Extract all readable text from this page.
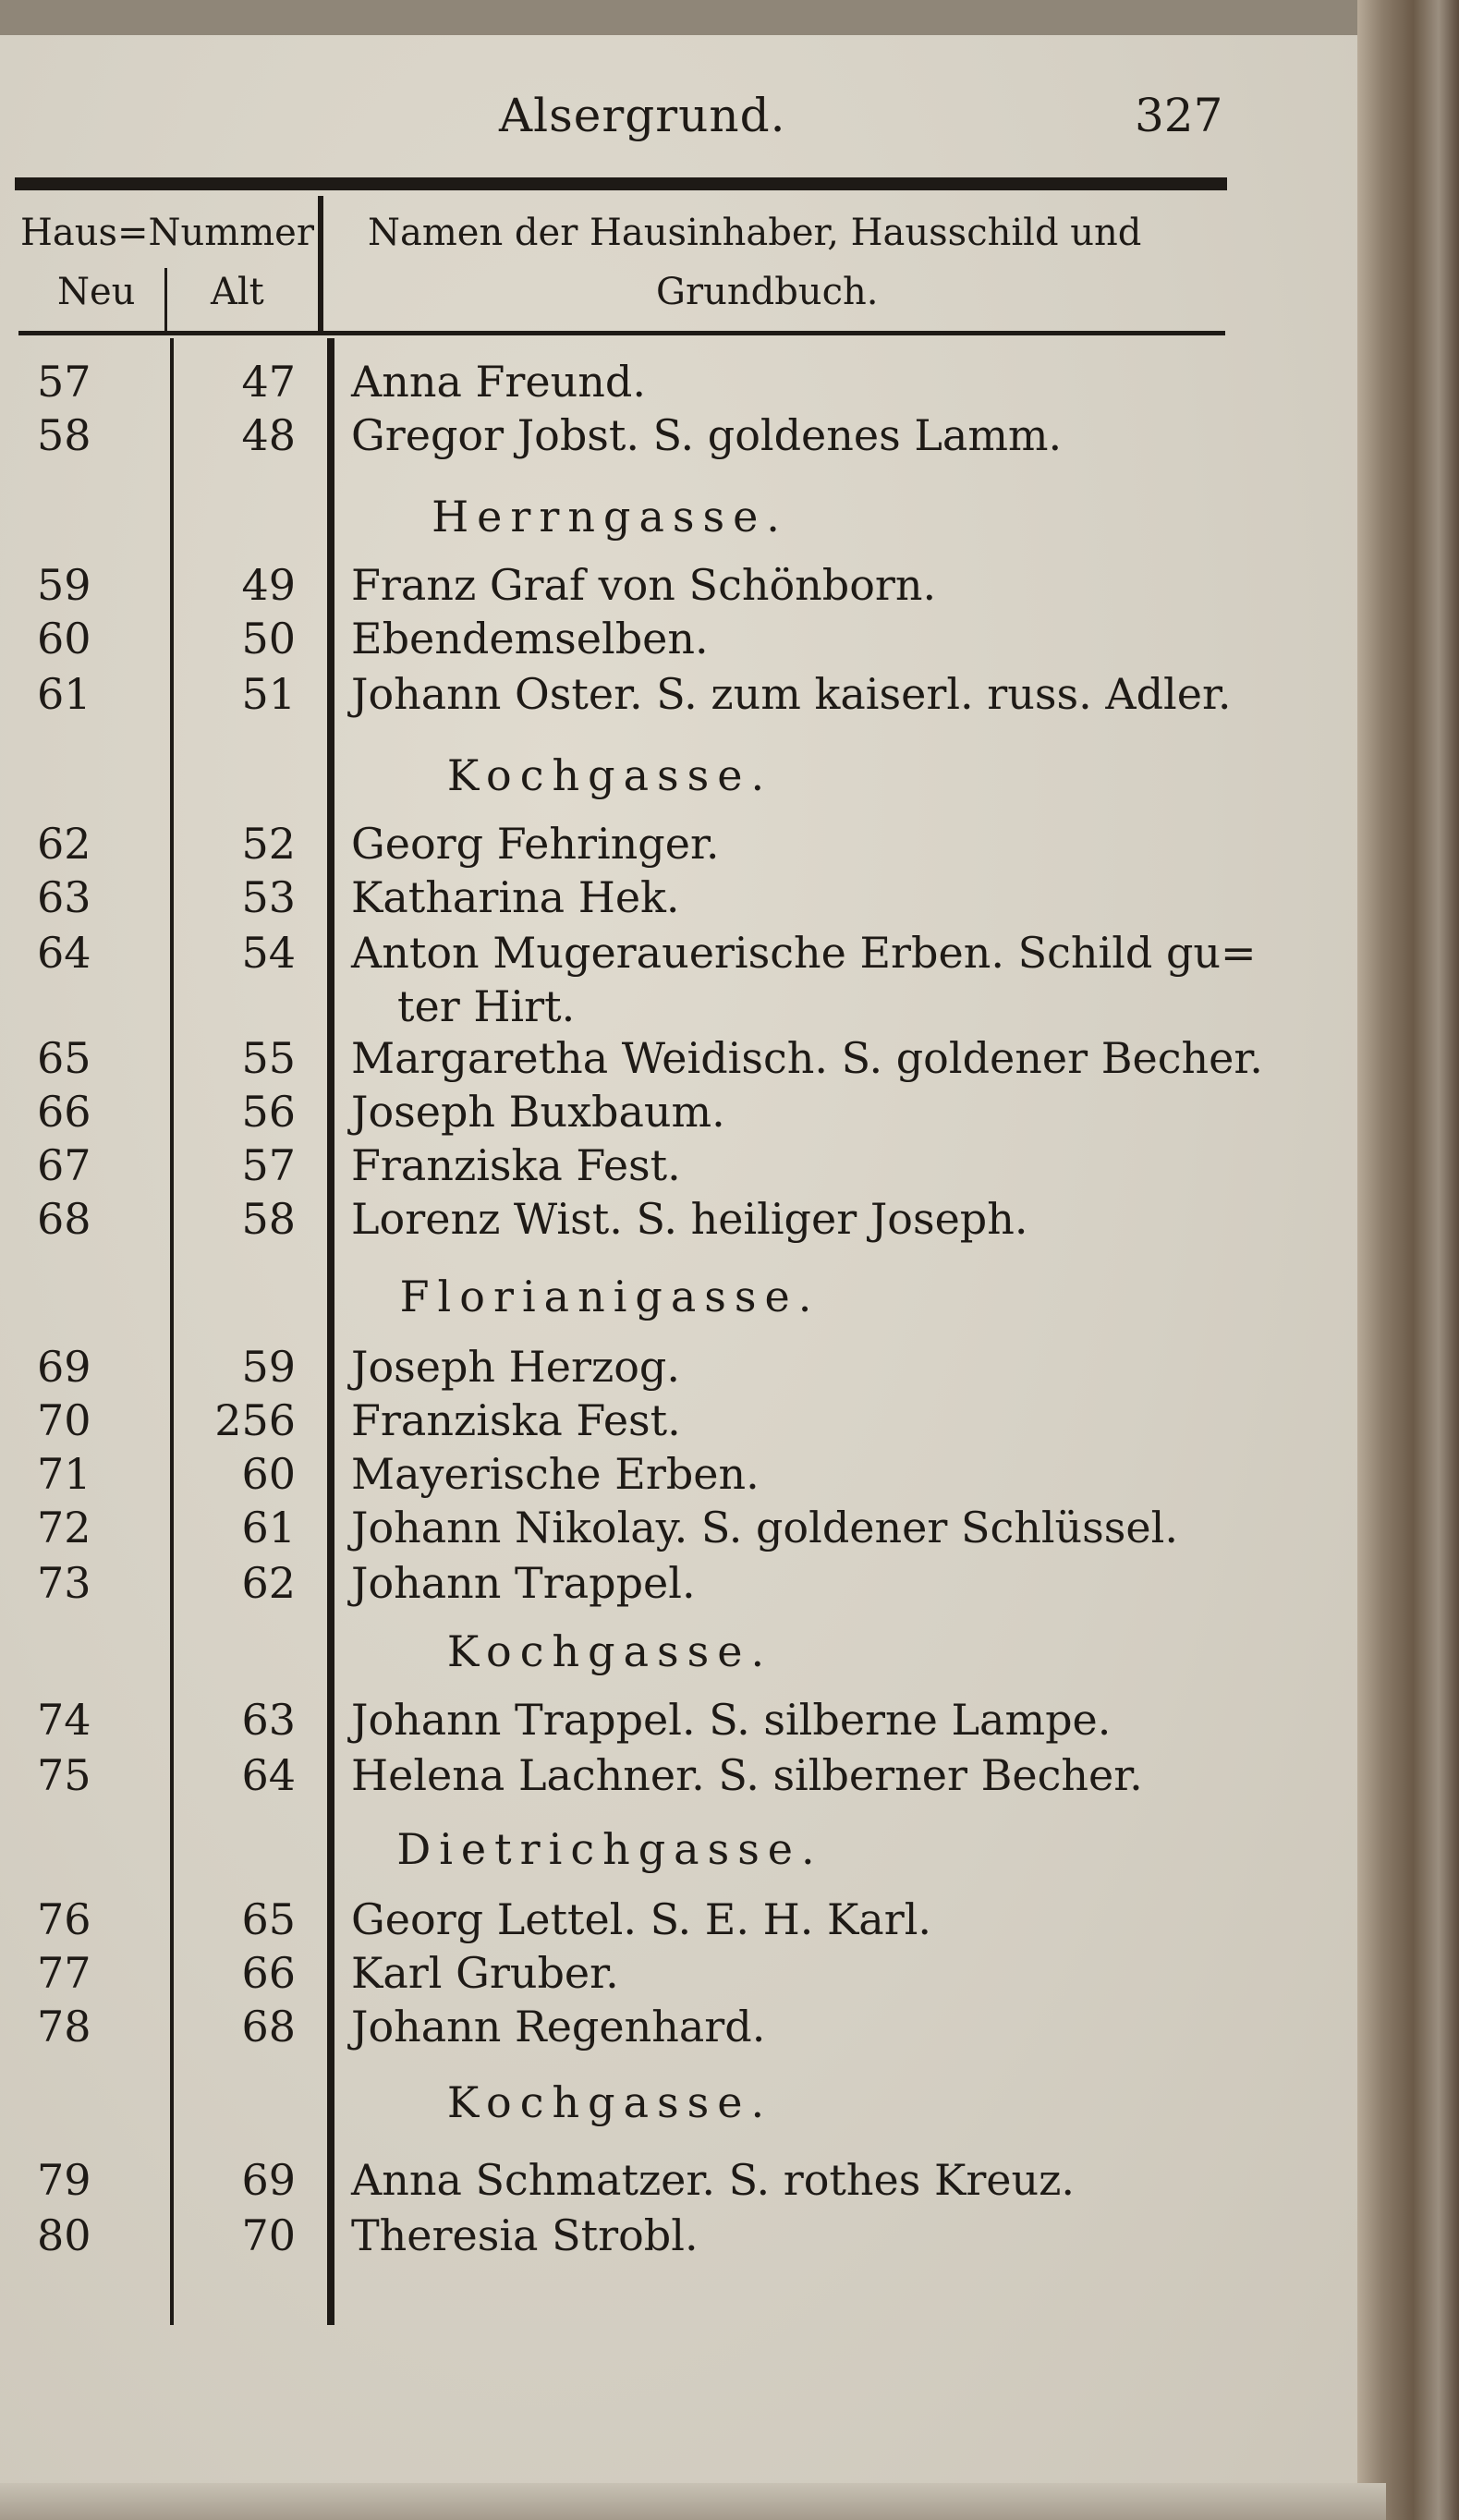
Alsergrund.	327
Haus=Nummer
Neu Alt
Namen der Hausinhaber, Hausschild und
Grundbuch.
57	47 Anna Freund.
58	48 Gregor Jobst. S. goldenes Lamm.
Herrngasse.
59	49 Franz Graf von Schönborn.
60	50 Ebendemselben.
61	51 Johann Oster. S. zum kaiserl. russ. Adler.
Kochgasse.
62	52 Georg Fehringer.
63	53 Katharina Hek.
64	54 Anton Mugerauerische Erben. Schild gu=
ter Hirt.
65	55 Margaretha Weidisch. S. goldener Becher.
66	56 Joseph Buxbaum.
67	57 Franziska Fest.
68	58 Lorenz Wist. S. heiliger Joseph.
Florianigasse.
69	59 Joseph Herzog.
70	256 Franziska Fest.
71	60 Mayerische Erben.
72	61 Johann Nikolay. S. goldener Schlüssel.
73	62 Johann Trappel.
Kochgasse.
74	63 Johann Trappel. S. silberne Lampe.
75	64 Helena Lachner. S. silberner Becher.
Dietrichgasse.
76	65 Georg Lettel. S. E. H. Karl.
77	66 Karl Gruber.
78	68 Johann Regenhard.
Kochgasse.
79	69 Anna Schmatzer. S. rothes Kreuz.
80	70 Theresia Strobl.
